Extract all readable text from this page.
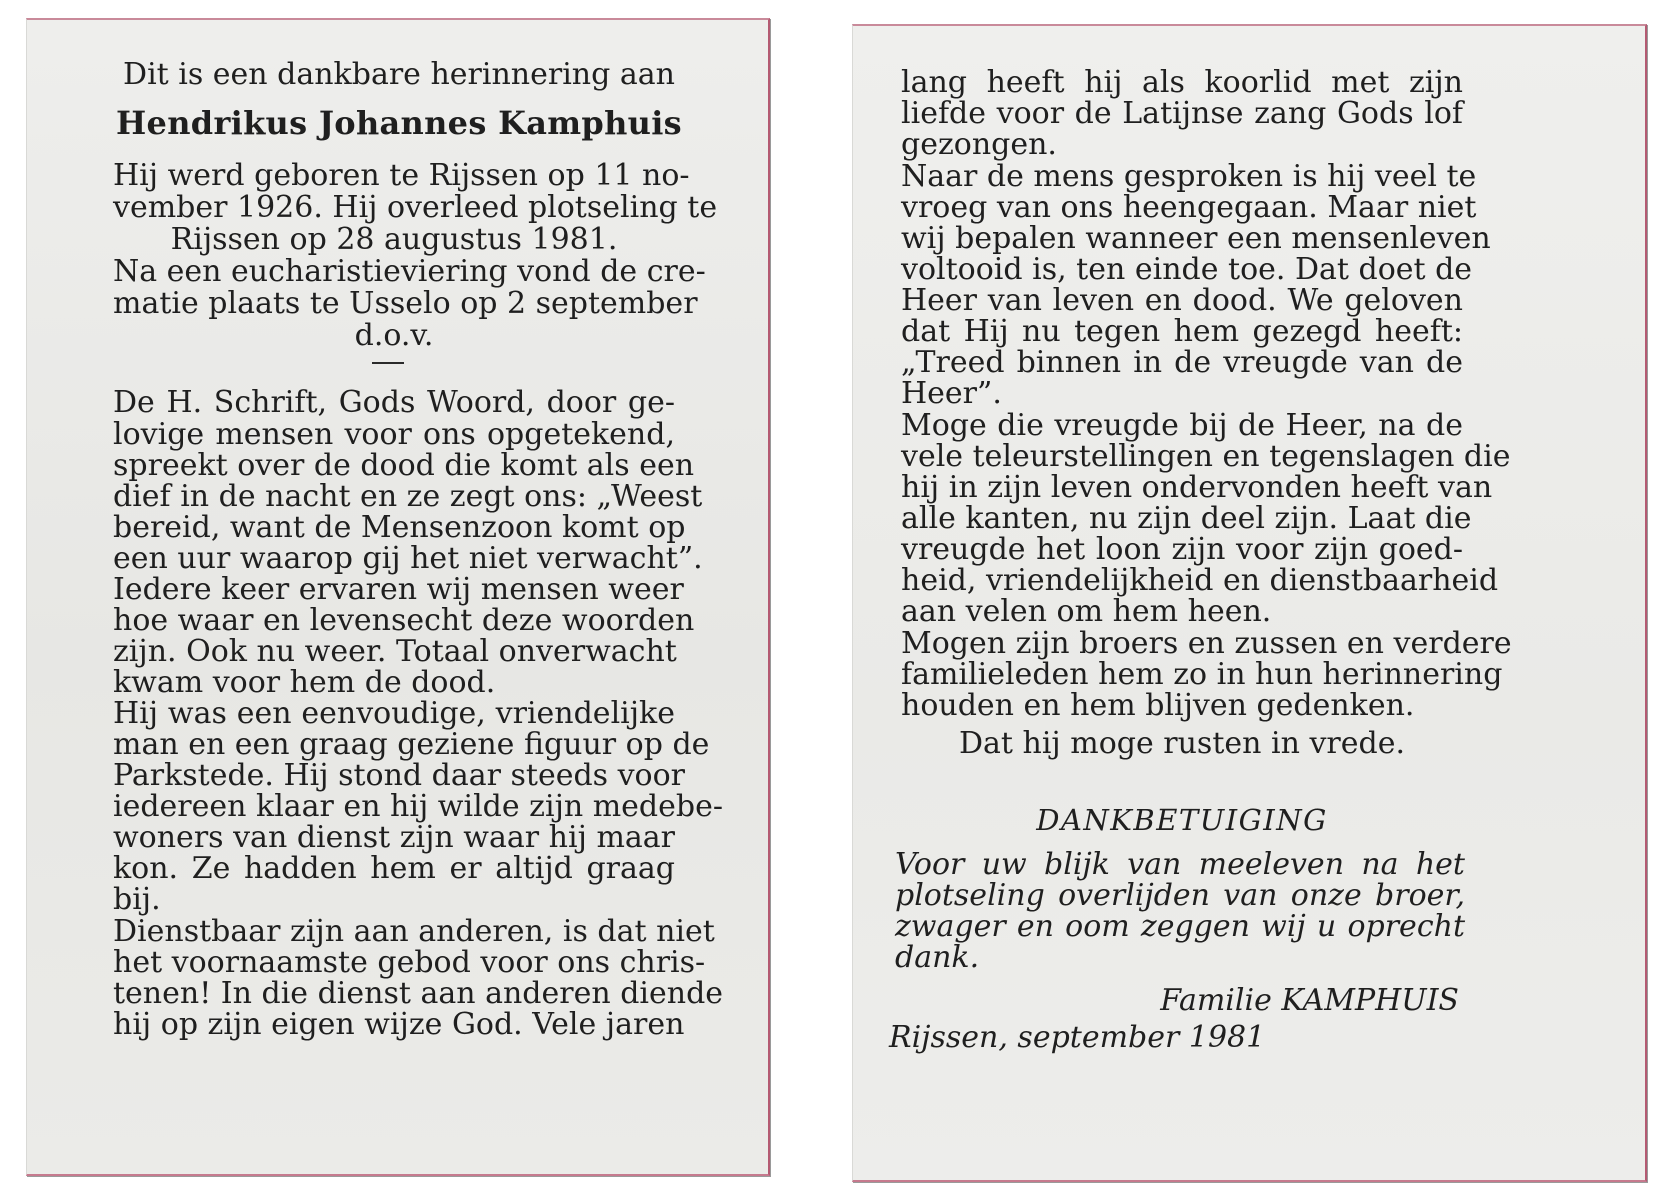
Dit is een dankbare herinnering aan
Hendrikus Johannes Kamphuis
Hij werd geboren te Rijssen op 11 no-
vember 1926. Hij overleed plotseling te
Rijssen op 28 augustus 1981.
Na een eucharistieviering vond de cre-
matie plaats te Usselo op 2 september
d.o.v.
De H. Schrift, Gods Woord, door ge-
lovige mensen voor ons opgetekend,
spreekt over de dood die komt als een
dief in de nacht en ze zegt ons: „Weest
bereid, want de Mensenzoon komt op
een uur waarop gij het niet verwacht”.
Iedere keer ervaren wij mensen weer
hoe waar en levensecht deze woorden
zijn. Ook nu weer. Totaal onverwacht
kwam voor hem de dood.
Hij was een eenvoudige, vriendelijke
man en een graag geziene figuur op de
Parkstede. Hij stond daar steeds voor
iedereen klaar en hij wilde zijn medebe-
woners van dienst zijn waar hij maar
kon. Ze hadden hem er altijd graag
bij.
Dienstbaar zijn aan anderen, is dat niet
het voornaamste gebod voor ons chris-
tenen! In die dienst aan anderen diende
hij op zijn eigen wijze God. Vele jaren
lang heeft hij als koorlid met zijn
liefde voor de Latijnse zang Gods lof
gezongen.
Naar de mens gesproken is hij veel te
vroeg van ons heengegaan. Maar niet
wij bepalen wanneer een mensenleven
voltooid is, ten einde toe. Dat doet de
Heer van leven en dood. We geloven
dat Hij nu tegen hem gezegd heeft:
„Treed binnen in de vreugde van de
Heer”.
Moge die vreugde bij de Heer, na de
vele teleurstellingen en tegenslagen die
hij in zijn leven ondervonden heeft van
alle kanten, nu zijn deel zijn. Laat die
vreugde het loon zijn voor zijn goed-
heid, vriendelijkheid en dienstbaarheid
aan velen om hem heen.
Mogen zijn broers en zussen en verdere
familieleden hem zo in hun herinnering
houden en hem blijven gedenken.
Dat hij moge rusten in vrede.
DANKBETUIGING
Voor uw blijk van meeleven na het
plotseling overlijden van onze broer,
zwager en oom zeggen wij u oprecht
dank.
Familie KAMPHUIS
Rijssen, september 1981
